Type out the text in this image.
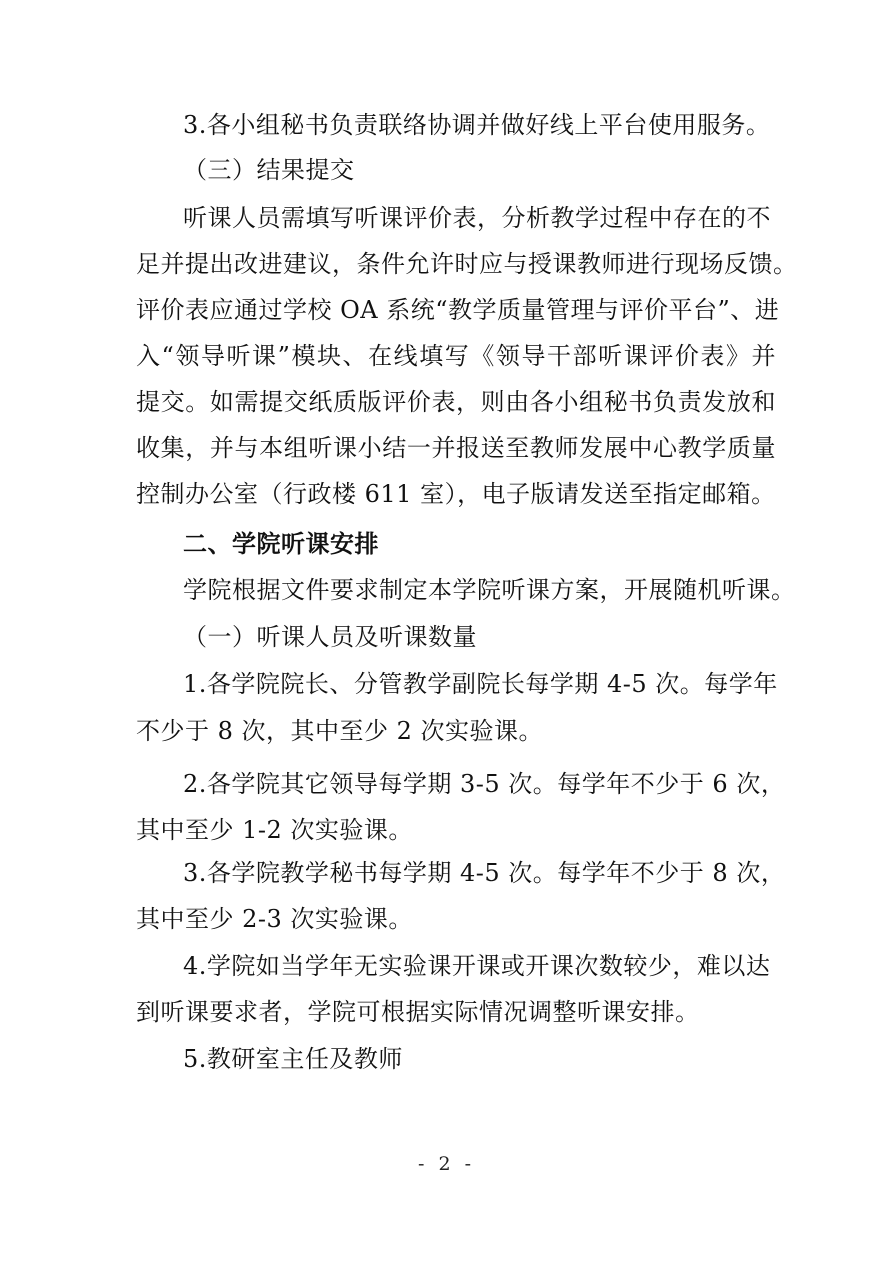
3.各小组秘书负责联络协调并做好线上平台使用服务。
（三）结果提交
听课人员需填写听课评价表，分析教学过程中存在的不
足并提出改进建议，条件允许时应与授课教师进行现场反馈。
评价表应通过学校 OA 系统“教学质量管理与评价平台”、进
入“领导听课”模块、在线填写《领导干部听课评价表》并
提交。如需提交纸质版评价表，则由各小组秘书负责发放和
收集，并与本组听课小结一并报送至教师发展中心教学质量
控制办公室（行政楼 611 室），电子版请发送至指定邮箱。
二、学院听课安排
学院根据文件要求制定本学院听课方案，开展随机听课。
（一）听课人员及听课数量
1.各学院院长、分管教学副院长每学期 4-5 次。每学年
不少于 8 次，其中至少 2 次实验课。
2.各学院其它领导每学期 3-5 次。每学年不少于 6 次，
其中至少 1-2 次实验课。
3.各学院教学秘书每学期 4-5 次。每学年不少于 8 次，
其中至少 2-3 次实验课。
4.学院如当学年无实验课开课或开课次数较少，难以达
到听课要求者，学院可根据实际情况调整听课安排。
5.教研室主任及教师
- 2 -
